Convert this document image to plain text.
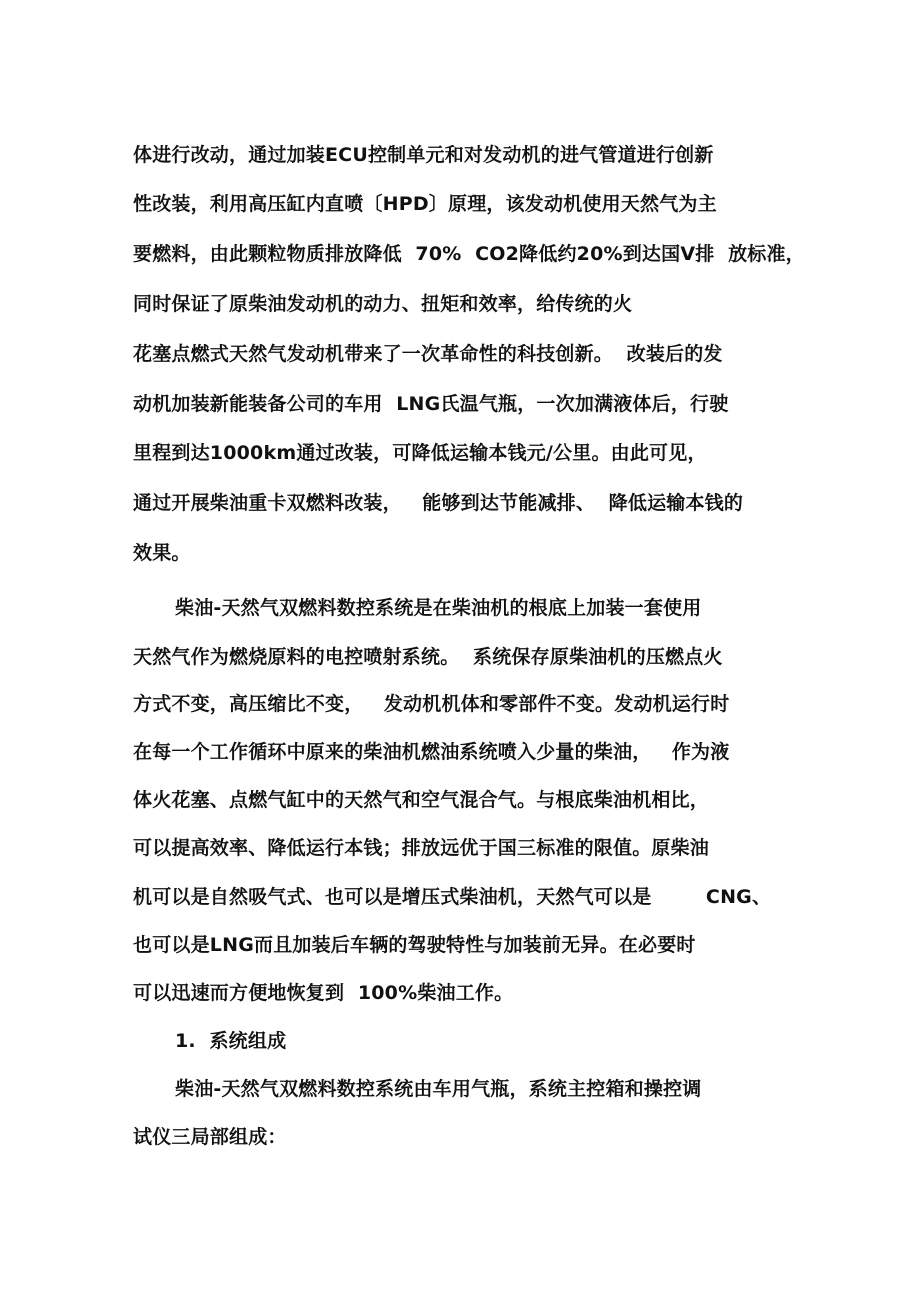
体进行改动，通过加装ECU控制单元和对发动机的进气管道进行创新
性改装，利用高压缸内直喷〔HPD〕原理，该发动机使用天然气为主
要燃料，由此颗粒物质排放降低  70%  CO2降低约20%到达国Ⅴ排  放标准，
同时保证了原柴油发动机的动力、扭矩和效率，给传统的火
花塞点燃式天然气发动机带来了一次革命性的科技创新。  改装后的发
动机加装新能装备公司的车用  LNG氏温气瓶，一次加满液体后，行驶
里程到达1000km通过改装，可降低运输本钱元/公里。由此可见，
通过开展柴油重卡双燃料改装，   能够到达节能减排、  降低运输本钱的
效果。
柴油-天然气双燃料数控系统是在柴油机的根底上加装一套使用
天然气作为燃烧原料的电控喷射系统。  系统保存原柴油机的压燃点火
方式不变，高压缩比不变，   发动机机体和零部件不变。发动机运行时
在每一个工作循环中原来的柴油机燃油系统喷入少量的柴油，   作为液
体火花塞、点燃气缸中的天然气和空气混合气。与根底柴油机相比，
可以提高效率、降低运行本钱；排放远优于国三标准的限值。原柴油
机可以是自然吸气式、也可以是增压式柴油机，天然气可以是        CNG、
也可以是LNG而且加装后车辆的驾驶特性与加装前无异。在必要时
可以迅速而方便地恢复到  100%柴油工作。
1.  系统组成
柴油-天然气双燃料数控系统由车用气瓶，系统主控箱和操控调
试仪三局部组成：
